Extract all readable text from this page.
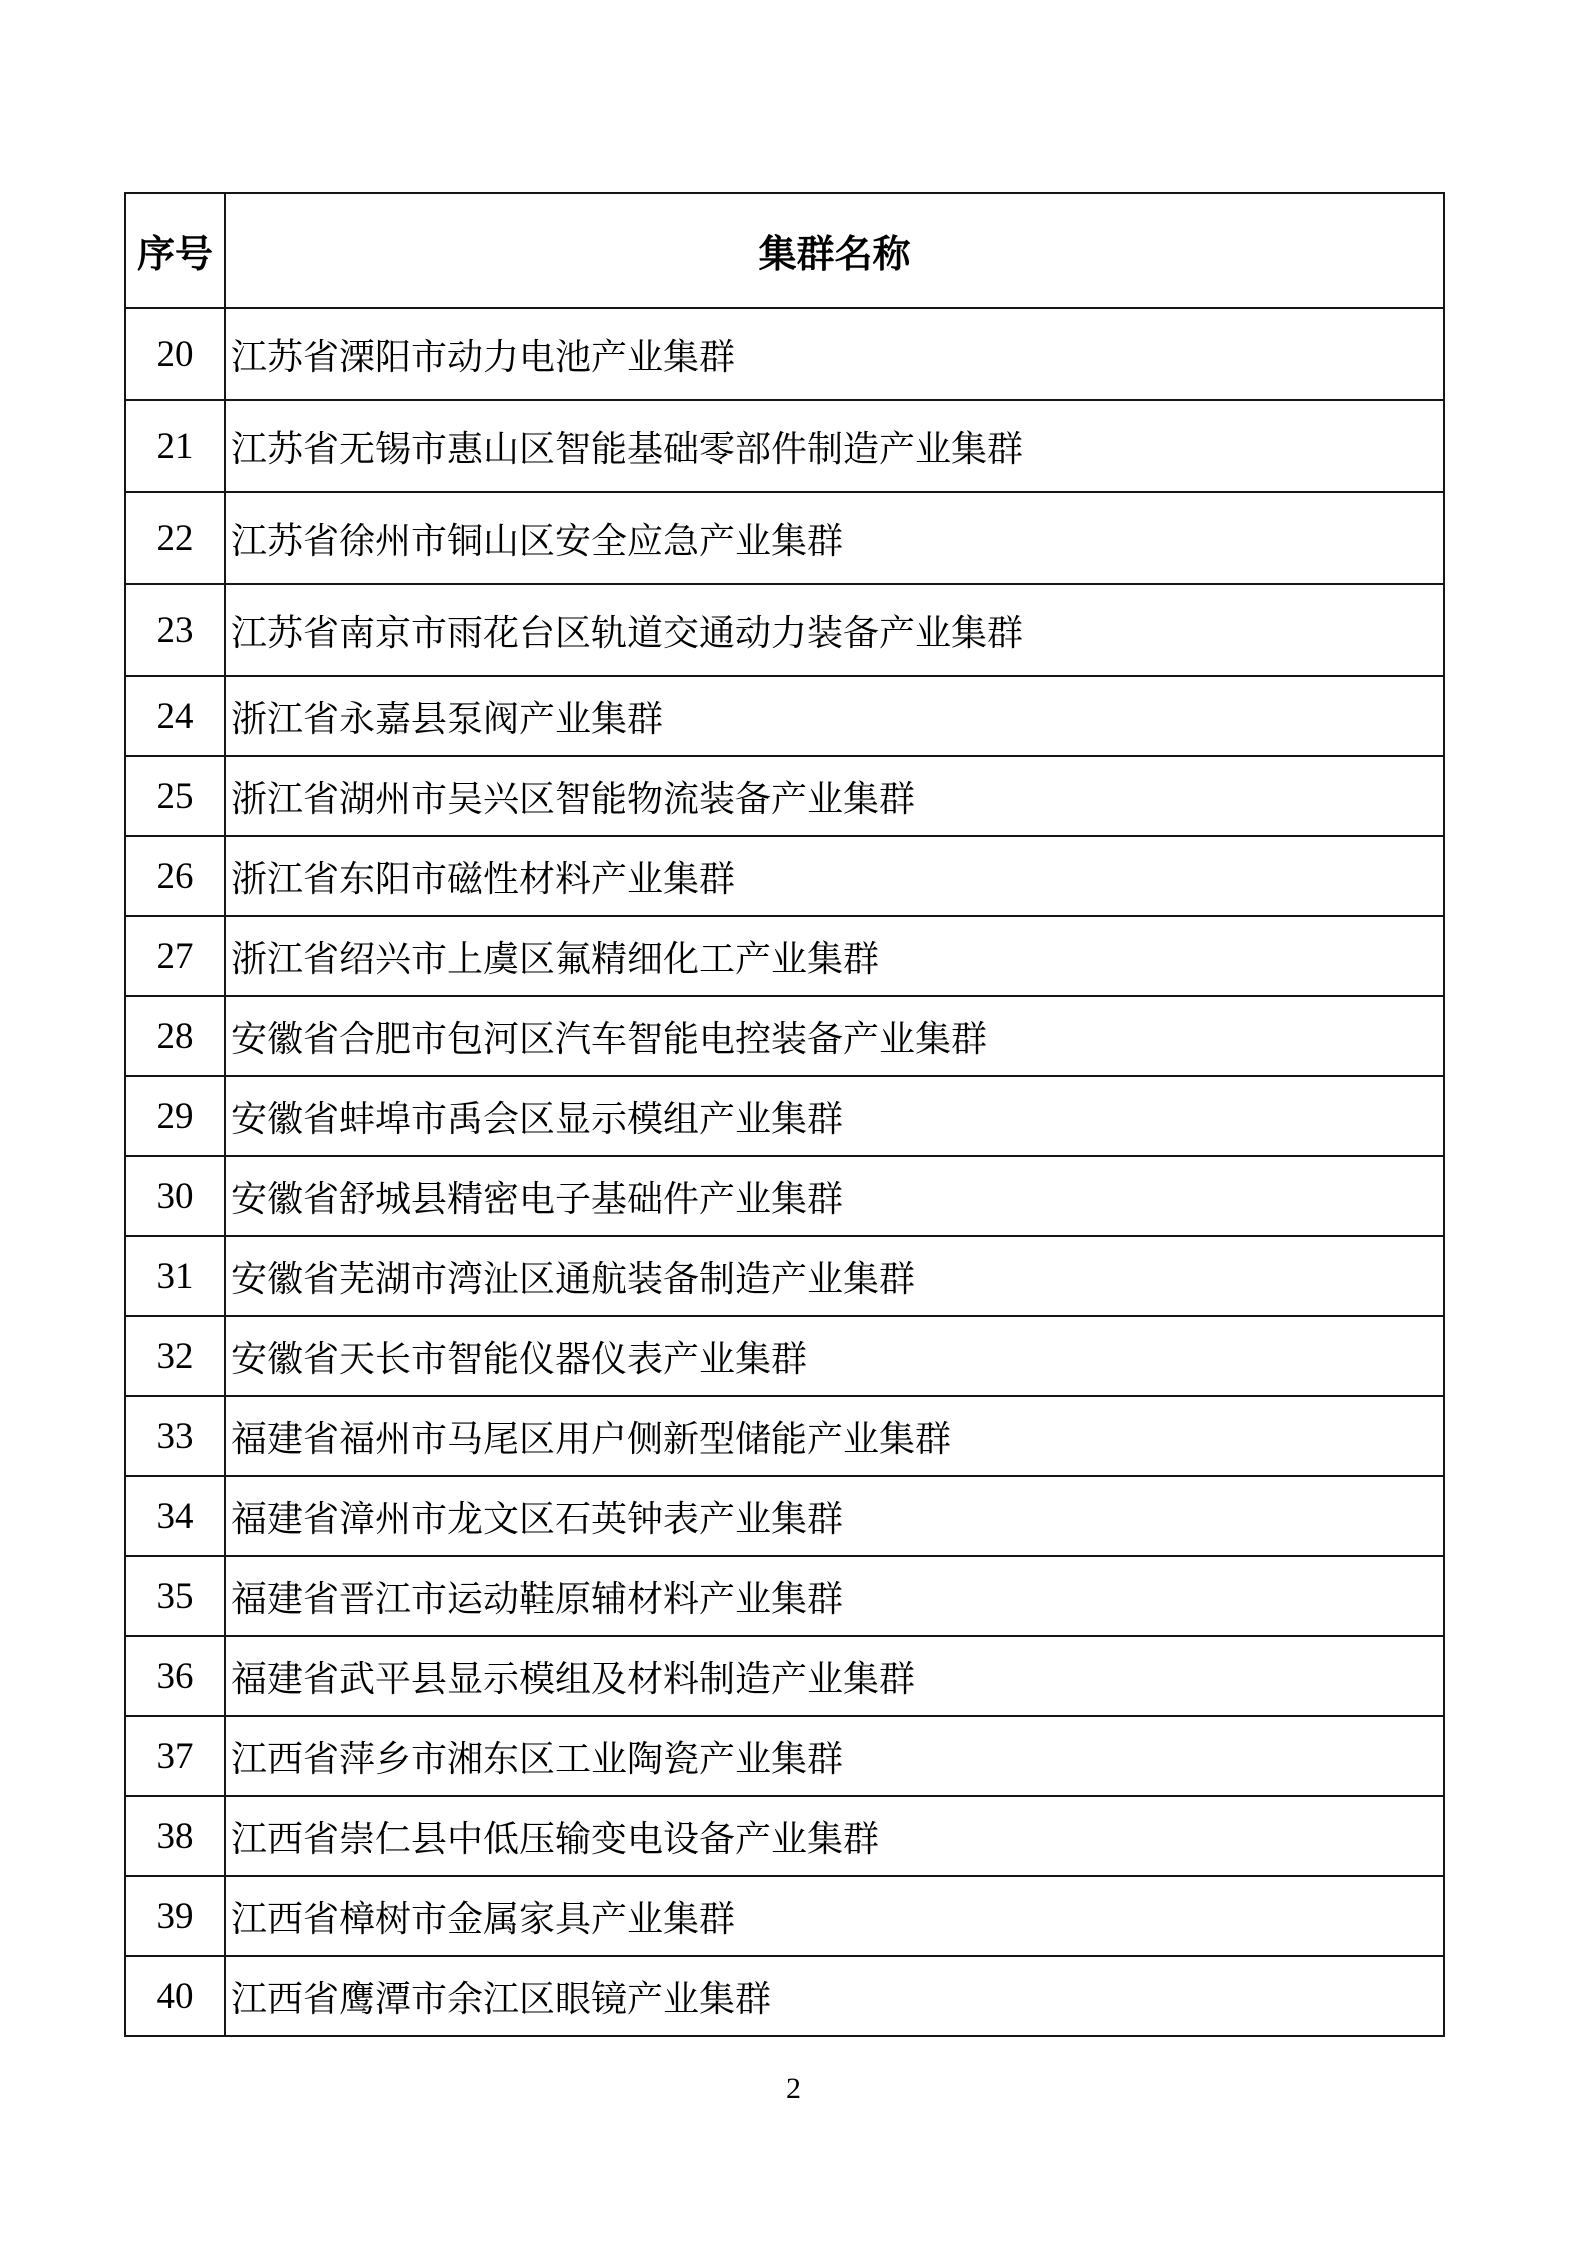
序号	集群名称
20	江苏省溧阳市动力电池产业集群
21	江苏省无锡市惠山区智能基础零部件制造产业集群
22	江苏省徐州市铜山区安全应急产业集群
23	江苏省南京市雨花台区轨道交通动力装备产业集群
24	浙江省永嘉县泵阀产业集群
25	浙江省湖州市吴兴区智能物流装备产业集群
26	浙江省东阳市磁性材料产业集群
27	浙江省绍兴市上虞区氟精细化工产业集群
28	安徽省合肥市包河区汽车智能电控装备产业集群
29	安徽省蚌埠市禹会区显示模组产业集群
30	安徽省舒城县精密电子基础件产业集群
31	安徽省芜湖市湾沚区通航装备制造产业集群
32	安徽省天长市智能仪器仪表产业集群
33	福建省福州市马尾区用户侧新型储能产业集群
34	福建省漳州市龙文区石英钟表产业集群
35	福建省晋江市运动鞋原辅材料产业集群
36	福建省武平县显示模组及材料制造产业集群
37	江西省萍乡市湘东区工业陶瓷产业集群
38	江西省崇仁县中低压输变电设备产业集群
39	江西省樟树市金属家具产业集群
40	江西省鹰潭市余江区眼镜产业集群
2
